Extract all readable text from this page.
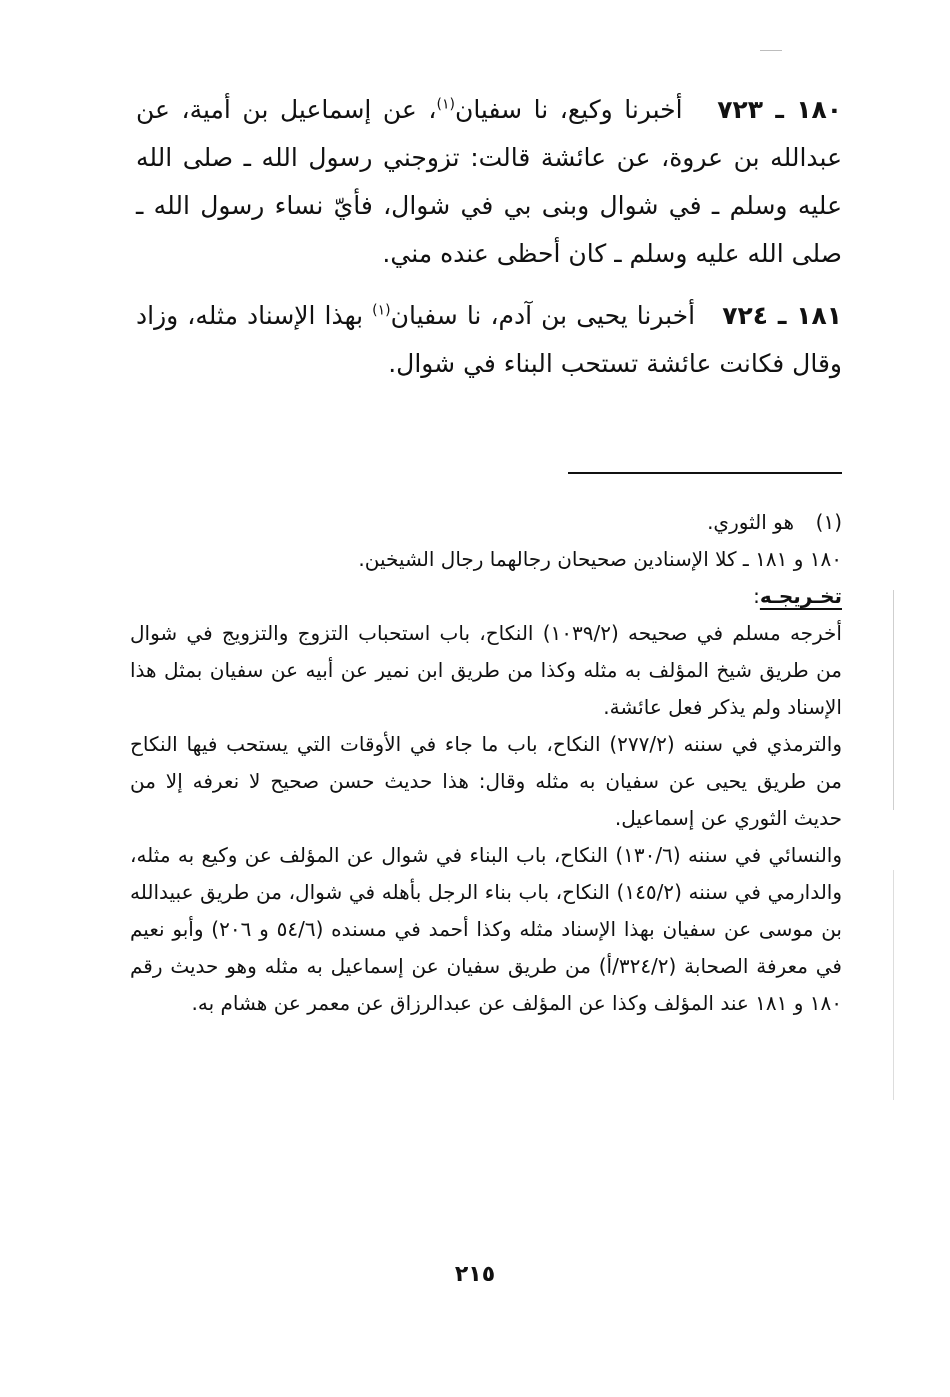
١٨٠ ـ ٧٢٣   أخبرنا وكيع، نا سفيان$^{(١)}$، عن إسماعيل بن أمية، عن عبدالله بن عروة، عن عائشة قالت: تزوجني رسول الله ـ صلى الله عليه وسلم ـ في شوال وبنى بي في شوال، فأيّ نساء رسول الله ـ صلى الله عليه وسلم ـ كان أحظى عنده مني.

١٨١ ـ ٧٢٤   أخبرنا يحيى بن آدم، نا سفيان$^{(١)}$ بهذا الإسناد مثله، وزاد وقال فكانت عائشة تستحب البناء في شوال.

(١)هو الثوري.

١٨٠ و ١٨١ ـ كلا الإسنادين صحيحان رجالهما رجال الشيخين.

تخـريجـه:

أخرجه مسلم في صحيحه (١٠٣٩/٢) النكاح، باب استحباب التزوج والتزويج في شوال من طريق شيخ المؤلف به مثله وكذا من طريق ابن نمير عن أبيه عن سفيان بمثل هذا الإسناد ولم يذكر فعل عائشة.

والترمذي في سننه (٢٧٧/٢) النكاح، باب ما جاء في الأوقات التي يستحب فيها النكاح من طريق يحيى عن سفيان به مثله وقال: هذا حديث حسن صحيح لا نعرفه إلا من حديث الثوري عن إسماعيل.

والنسائي في سننه (١٣٠/٦) النكاح، باب البناء في شوال عن المؤلف عن وكيع به مثله، والدارمي في سننه (١٤٥/٢) النكاح، باب بناء الرجل بأهله في شوال، من طريق عبيدالله بن موسى عن سفيان بهذا الإسناد مثله وكذا أحمد في مسنده (٥٤/٦ و ٢٠٦) وأبو نعيم في معرفة الصحابة (٣٢٤/٢/أ) من طريق سفيان عن إسماعيل به مثله وهو حديث رقم ١٨٠ و ١٨١ عند المؤلف وكذا عن المؤلف عن عبدالرزاق عن معمر عن هشام به.

٢١٥
